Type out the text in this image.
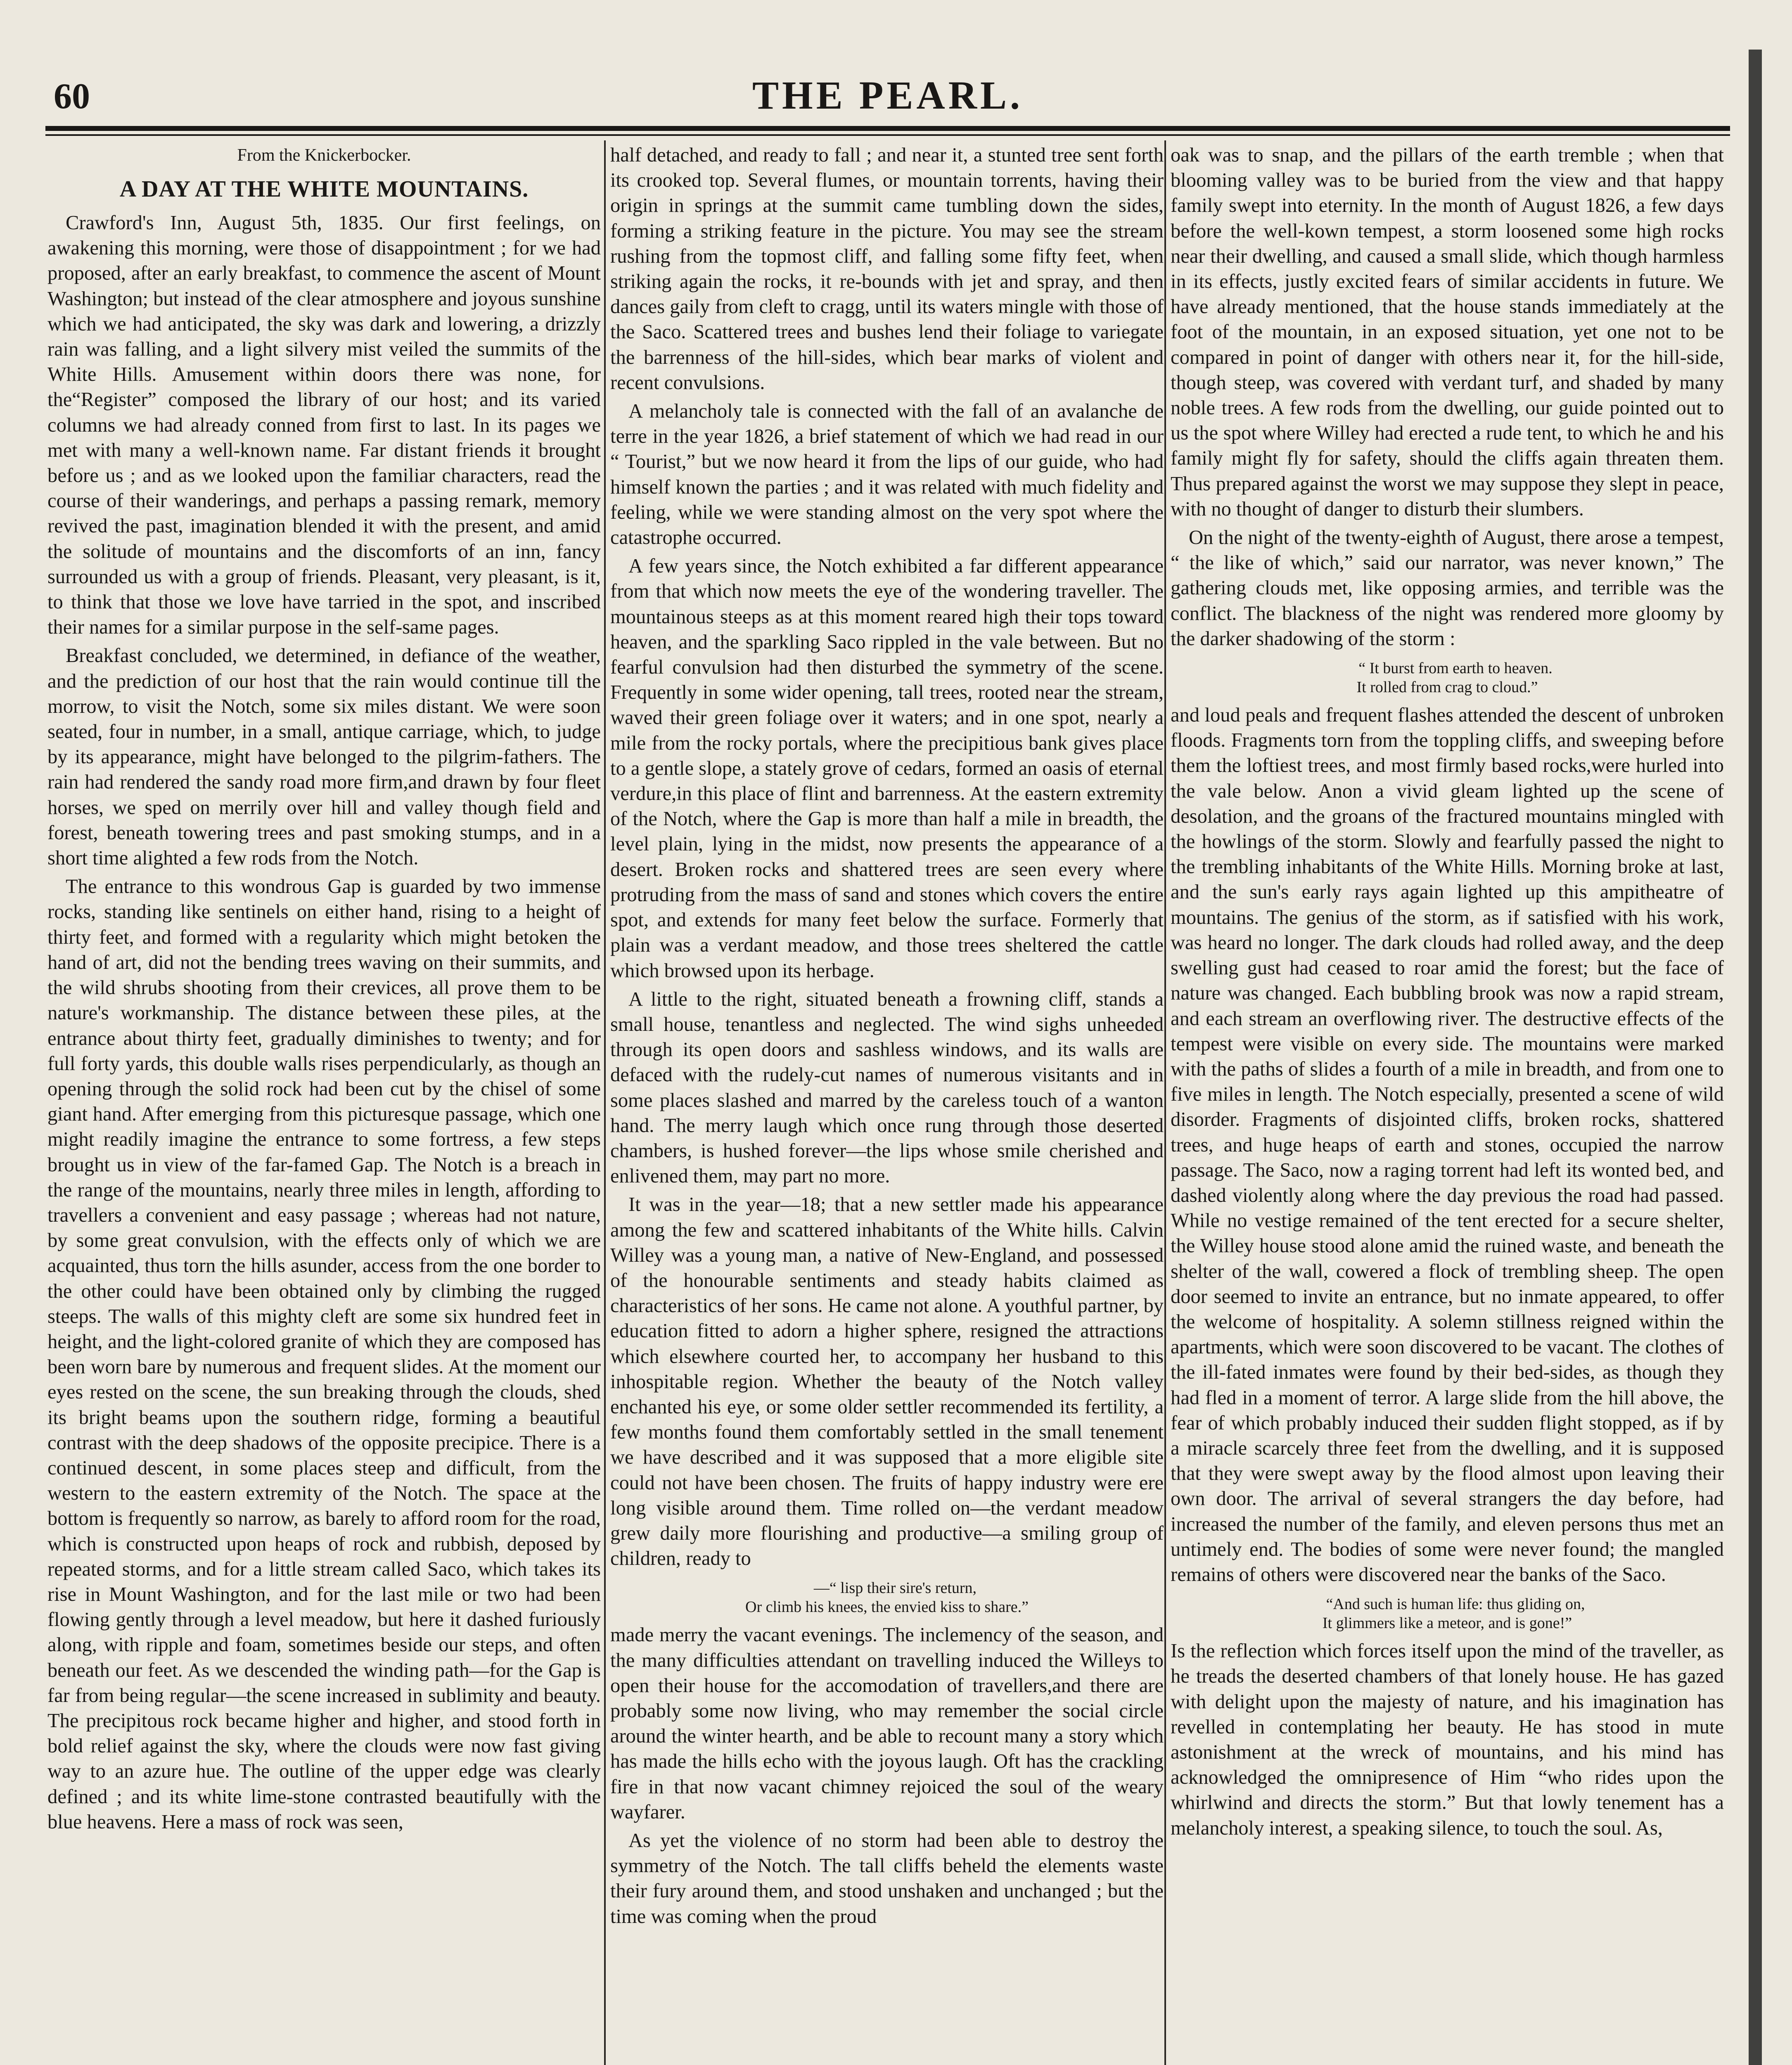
60	THE PEARL.

From the Knickerbocker.

A DAY AT THE WHITE MOUNTAINS.

Crawford's Inn, August 5th, 1835. Our first feelings, on awakening this morning, were those of disappointment ; for we had proposed, after an early breakfast, to commence the ascent of Mount Washington; but instead of the clear atmosphere and joyous sunshine which we had anticipated, the sky was dark and lowering, a drizzly rain was falling, and a light silvery mist veiled the summits of the White Hills. Amusement within doors there was none, for the“Register” composed the library of our host; and its varied columns we had already conned from first to last. In its pages we met with many a well-known name. Far distant friends it brought before us ; and as we looked upon the familiar characters, read the course of their wanderings, and perhaps a passing remark, memory revived the past, imagination blended it with the present, and amid the solitude of mountains and the discomforts of an inn, fancy surrounded us with a group of friends. Pleasant, very pleasant, is it, to think that those we love have tarried in the spot, and inscribed their names for a similar purpose in the self-same pages.

Breakfast concluded, we determined, in defiance of the weather, and the prediction of our host that the rain would continue till the morrow, to visit the Notch, some six miles distant. We were soon seated, four in number, in a small, antique carriage, which, to judge by its appearance, might have belonged to the pilgrim-fathers. The rain had rendered the sandy road more firm,and drawn by four fleet horses, we sped on merrily over hill and valley though field and forest, beneath towering trees and past smoking stumps, and in a short time alighted a few rods from the Notch.

The entrance to this wondrous Gap is guarded by two immense rocks, standing like sentinels on either hand, rising to a height of thirty feet, and formed with a regularity which might betoken the hand of art, did not the bending trees waving on their summits, and the wild shrubs shooting from their crevices, all prove them to be nature's workmanship. The distance between these piles, at the entrance about thirty feet, gradually diminishes to twenty; and for full forty yards, this double walls rises perpendicularly, as though an opening through the solid rock had been cut by the chisel of some giant hand. After emerging from this picturesque passage, which one might readily imagine the entrance to some fortress, a few steps brought us in view of the far-famed Gap. The Notch is a breach in the range of the mountains, nearly three miles in length, affording to travellers a convenient and easy passage ; whereas had not nature, by some great convulsion, with the effects only of which we are acquainted, thus torn the hills asunder, access from the one border to the other could have been obtained only by climbing the rugged steeps. The walls of this mighty cleft are some six hundred feet in height, and the light-colored granite of which they are composed has been worn bare by numerous and frequent slides. At the moment our eyes rested on the scene, the sun breaking through the clouds, shed its bright beams upon the southern ridge, forming a beautiful contrast with the deep shadows of the opposite precipice. There is a continued descent, in some places steep and difficult, from the western to the eastern extremity of the Notch. The space at the bottom is frequently so narrow, as barely to afford room for the road, which is constructed upon heaps of rock and rubbish, deposed by repeated storms, and for a little stream called Saco, which takes its rise in Mount Washington, and for the last mile or two had been flowing gently through a level meadow, but here it dashed furiously along, with ripple and foam, sometimes beside our steps, and often beneath our feet. As we descended the winding path—for the Gap is far from being regular—the scene increased in sublimity and beauty. The precipitous rock became higher and higher, and stood forth in bold relief against the sky, where the clouds were now fast giving way to an azure hue. The outline of the upper edge was clearly defined ; and its white lime-stone contrasted beautifully with the blue heavens. Here a mass of rock was seen,

half detached, and ready to fall ; and near it, a stunted tree sent forth its crooked top. Several flumes, or mountain torrents, having their origin in springs at the summit came tumbling down the sides, forming a striking feature in the picture. You may see the stream rushing from the topmost cliff, and falling some fifty feet, when striking again the rocks, it re-bounds with jet and spray, and then dances gaily from cleft to cragg, until its waters mingle with those of the Saco. Scattered trees and bushes lend their foliage to variegate the barrenness of the hill-sides, which bear marks of violent and recent convulsions.

A melancholy tale is connected with the fall of an avalanche de terre in the year 1826, a brief statement of which we had read in our “ Tourist,” but we now heard it from the lips of our guide, who had himself known the parties ; and it was related with much fidelity and feeling, while we were standing almost on the very spot where the catastrophe occurred.

A few years since, the Notch exhibited a far different appearance from that which now meets the eye of the wondering traveller. The mountainous steeps as at this moment reared high their tops toward heaven, and the sparkling Saco rippled in the vale between. But no fearful convulsion had then disturbed the symmetry of the scene. Frequently in some wider opening, tall trees, rooted near the stream, waved their green foliage over it waters; and in one spot, nearly a mile from the rocky portals, where the precipitious bank gives place to a gentle slope, a stately grove of cedars, formed an oasis of eternal verdure,in this place of flint and barrenness. At the eastern extremity of the Notch, where the Gap is more than half a mile in breadth, the level plain, lying in the midst, now presents the appearance of a desert. Broken rocks and shattered trees are seen every where protruding from the mass of sand and stones which covers the entire spot, and extends for many feet below the surface. Formerly that plain was a verdant meadow, and those trees sheltered the cattle which browsed upon its herbage.

A little to the right, situated beneath a frowning cliff, stands a small house, tenantless and neglected. The wind sighs unheeded through its open doors and sashless windows, and its walls are defaced with the rudely-cut names of numerous visitants and in some places slashed and marred by the careless touch of a wanton hand. The merry laugh which once rung through those deserted chambers, is hushed forever—the lips whose smile cherished and enlivened them, may part no more.

It was in the year—18; that a new settler made his appearance among the few and scattered inhabitants of the White hills. Calvin Willey was a young man, a native of New-England, and possessed of the honourable sentiments and steady habits claimed as characteristics of her sons. He came not alone. A youthful partner, by education fitted to adorn a higher sphere, resigned the attractions which elsewhere courted her, to accompany her husband to this inhospitable region. Whether the beauty of the Notch valley enchanted his eye, or some older settler recommended its fertility, a few months found them comfortably settled in the small tenement we have described and it was supposed that a more eligible site could not have been chosen. The fruits of happy industry were ere long visible around them. Time rolled on—the verdant meadow grew daily more flourishing and productive—a smiling group of children, ready to

—“ lisp their sire's return,
Or climb his knees, the envied kiss to share.”

made merry the vacant evenings. The inclemency of the season, and the many difficulties attendant on travelling induced the Willeys to open their house for the accomodation of travellers,and there are probably some now living, who may remember the social circle around the winter hearth, and be able to recount many a story which has made the hills echo with the joyous laugh. Oft has the crackling fire in that now vacant chimney rejoiced the soul of the weary wayfarer.

As yet the violence of no storm had been able to destroy the symmetry of the Notch. The tall cliffs beheld the elements waste their fury around them, and stood unshaken and unchanged ; but the time was coming when the proud

oak was to snap, and the pillars of the earth tremble ; when that blooming valley was to be buried from the view and that happy family swept into eternity. In the month of August 1826, a few days before the well-kown tempest, a storm loosened some high rocks near their dwelling, and caused a small slide, which though harmless in its effects, justly excited fears of similar accidents in future. We have already mentioned, that the house stands immediately at the foot of the mountain, in an exposed situation, yet one not to be compared in point of danger with others near it, for the hill-side, though steep, was covered with verdant turf, and shaded by many noble trees. A few rods from the dwelling, our guide pointed out to us the spot where Willey had erected a rude tent, to which he and his family might fly for safety, should the cliffs again threaten them. Thus prepared against the worst we may suppose they slept in peace, with no thought of danger to disturb their slumbers.

On the night of the twenty-eighth of August, there arose a tempest, “ the like of which,” said our narrator, was never known,” The gathering clouds met, like opposing armies, and terrible was the conflict. The blackness of the night was rendered more gloomy by the darker shadowing of the storm :

“ It burst from earth to heaven.
It rolled from crag to cloud.”

and loud peals and frequent flashes attended the descent of unbroken floods. Fragments torn from the toppling cliffs, and sweeping before them the loftiest trees, and most firmly based rocks,were hurled into the vale below. Anon a vivid gleam lighted up the scene of desolation, and the groans of the fractured mountains mingled with the howlings of the storm. Slowly and fearfully passed the night to the trembling inhabitants of the White Hills. Morning broke at last, and the sun's early rays again lighted up this ampitheatre of mountains. The genius of the storm, as if satisfied with his work, was heard no longer. The dark clouds had rolled away, and the deep swelling gust had ceased to roar amid the forest; but the face of nature was changed. Each bubbling brook was now a rapid stream, and each stream an overflowing river. The destructive effects of the tempest were visible on every side. The mountains were marked with the paths of slides a fourth of a mile in breadth, and from one to five miles in length. The Notch especially, presented a scene of wild disorder. Fragments of disjointed cliffs, broken rocks, shattered trees, and huge heaps of earth and stones, occupied the narrow passage. The Saco, now a raging torrent had left its wonted bed, and dashed violently along where the day previous the road had passed. While no vestige remained of the tent erected for a secure shelter, the Willey house stood alone amid the ruined waste, and beneath the shelter of the wall, cowered a flock of trembling sheep. The open door seemed to invite an entrance, but no inmate appeared, to offer the welcome of hospitality. A solemn stillness reigned within the apartments, which were soon discovered to be vacant. The clothes of the ill-fated inmates were found by their bed-sides, as though they had fled in a moment of terror. A large slide from the hill above, the fear of which probably induced their sudden flight stopped, as if by a miracle scarcely three feet from the dwelling, and it is supposed that they were swept away by the flood almost upon leaving their own door. The arrival of several strangers the day before, had increased the number of the family, and eleven persons thus met an untimely end. The bodies of some were never found; the mangled remains of others were discovered near the banks of the Saco.

“And such is human life: thus gliding on,
It glimmers like a meteor, and is gone!”

Is the reflection which forces itself upon the mind of the traveller, as he treads the deserted chambers of that lonely house. He has gazed with delight upon the majesty of nature, and his imagination has revelled in contemplating her beauty. He has stood in mute astonishment at the wreck of mountains, and his mind has acknowledged the omnipresence of Him “who rides upon the whirlwind and directs the storm.” But that lowly tenement has a melancholy interest, a speaking silence, to touch the soul. As,
